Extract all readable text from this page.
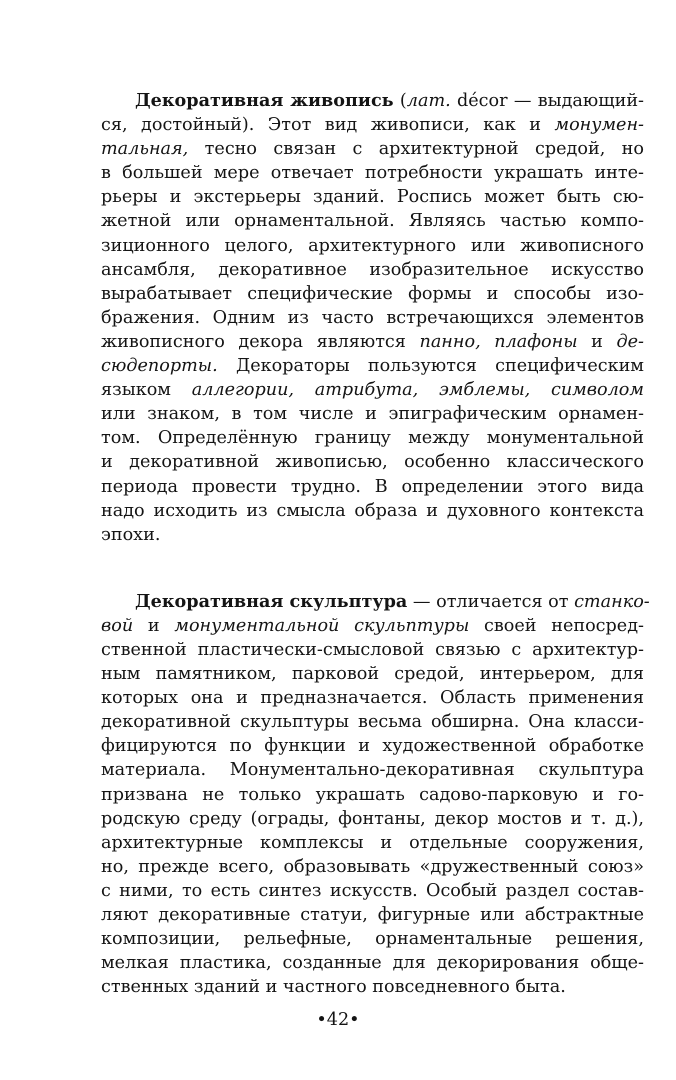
Декоративная живопись (лат. décor — выдающий-
ся, достойный). Этот вид живописи, как и монумен-
тальная, тесно связан с архитектурной средой, но
в большей мере отвечает потребности украшать инте-
рьеры и экстерьеры зданий. Роспись может быть сю-
жетной или орнаментальной. Являясь частью компо-
зиционного целого, архитектурного или живописного
ансамбля, декоративное изобразительное искусство
вырабатывает специфические формы и способы изо-
бражения. Одним из часто встречающихся элементов
живописного декора являются панно, плафоны и де-
сюдепорты. Декораторы пользуются специфическим
языком аллегории, атрибута, эмблемы, символом
или знаком, в том числе и эпиграфическим орнамен-
том. Определённую границу между монументальной
и декоративной живописью, особенно классического
периода провести трудно. В определении этого вида
надо исходить из смысла образа и духовного контекста
эпохи.
Декоративная скульптура — отличается от станко-
вой и монументальной скульптуры своей непосред-
ственной пластически-смысловой связью с архитектур-
ным памятником, парковой средой, интерьером, для
которых она и предназначается. Область применения
декоративной скульптуры весьма обширна. Она класси-
фицируются по функции и художественной обработке
материала. Монументально-декоративная скульптура
призвана не только украшать садово-парковую и го-
родскую среду (ограды, фонтаны, декор мостов и т. д.),
архитектурные комплексы и отдельные сооружения,
но, прежде всего, образовывать «дружественный союз»
с ними, то есть синтез искусств. Особый раздел состав-
ляют декоративные статуи, фигурные или абстрактные
композиции, рельефные, орнаментальные решения,
мелкая пластика, созданные для декорирования обще-
ственных зданий и частного повседневного быта.
•42•
